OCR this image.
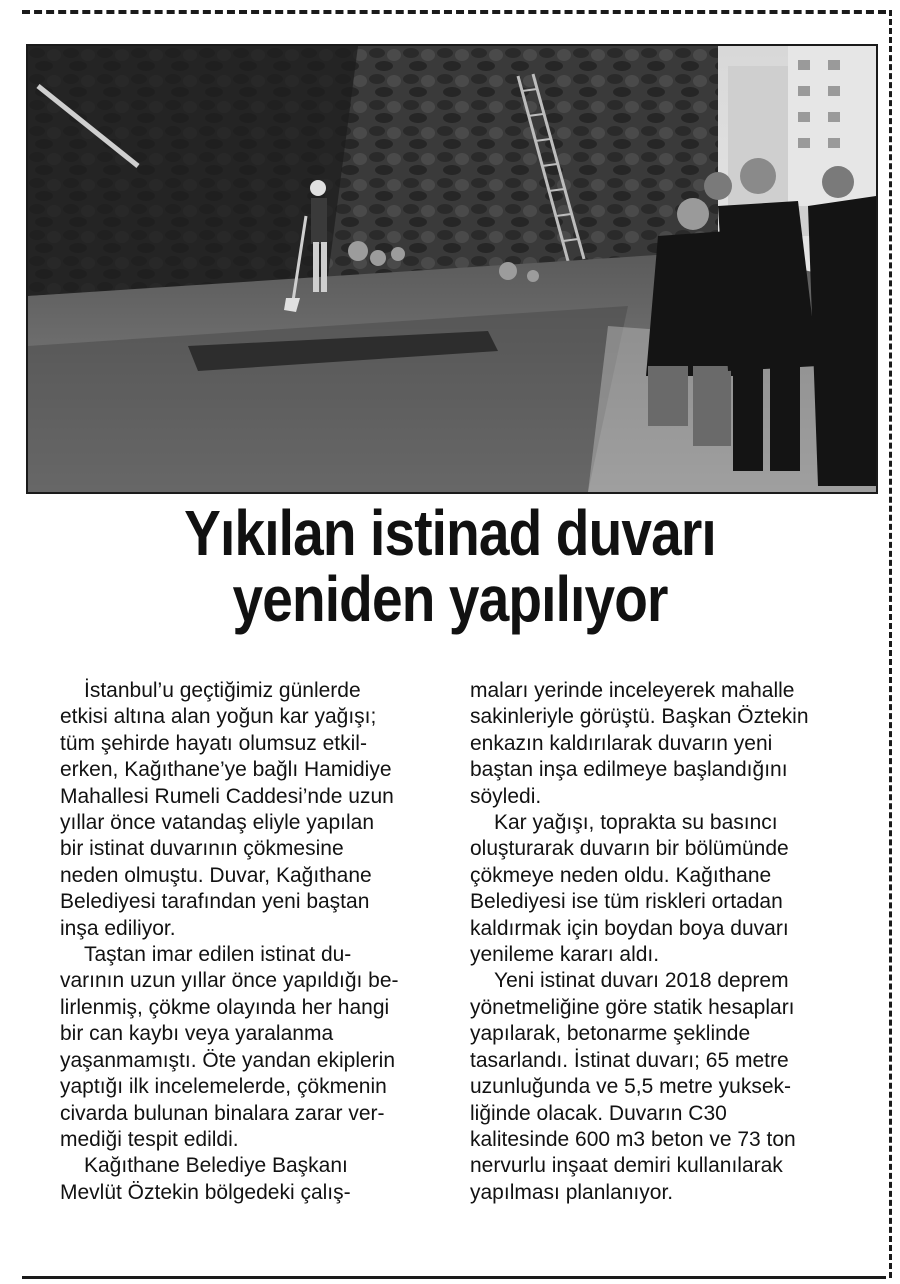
Yıkılan istinad duvarı
yeniden yapılıyor
İstanbul’u geçtiğimiz günlerde
etkisi altına alan yoğun kar yağışı;
tüm şehirde hayatı olumsuz etkil-
erken, Kağıthane’ye bağlı Hamidiye
Mahallesi Rumeli Caddesi’nde uzun
yıllar önce vatandaş eliyle yapılan
bir istinat duvarının çökmesine
neden olmuştu. Duvar, Kağıthane
Belediyesi tarafından yeni baştan
inşa ediliyor.
Taştan imar edilen istinat du-
varının uzun yıllar önce yapıldığı be-
lirlenmiş, çökme olayında her hangi
bir can kaybı veya yaralanma
yaşanmamıştı. Öte yandan ekiplerin
yaptığı ilk incelemelerde, çökmenin
civarda bulunan binalara zarar ver-
mediği tespit edildi.
Kağıthane Belediye Başkanı
Mevlüt Öztekin bölgedeki çalış-
maları yerinde inceleyerek mahalle
sakinleriyle görüştü. Başkan Öztekin
enkazın kaldırılarak duvarın yeni
baştan inşa edilmeye başlandığını
söyledi.
Kar yağışı, toprakta su basıncı
oluşturarak duvarın bir bölümünde
çökmeye neden oldu. Kağıthane
Belediyesi ise tüm riskleri ortadan
kaldırmak için boydan boya duvarı
yenileme kararı aldı.
Yeni istinat duvarı 2018 deprem
yönetmeliğine göre statik hesapları
yapılarak, betonarme şeklinde
tasarlandı. İstinat duvarı; 65 metre
uzunluğunda ve 5,5 metre yuksek-
liğinde olacak. Duvarın C30
kalitesinde 600 m3 beton ve 73 ton
nervurlu inşaat demiri kullanılarak
yapılması planlanıyor.
